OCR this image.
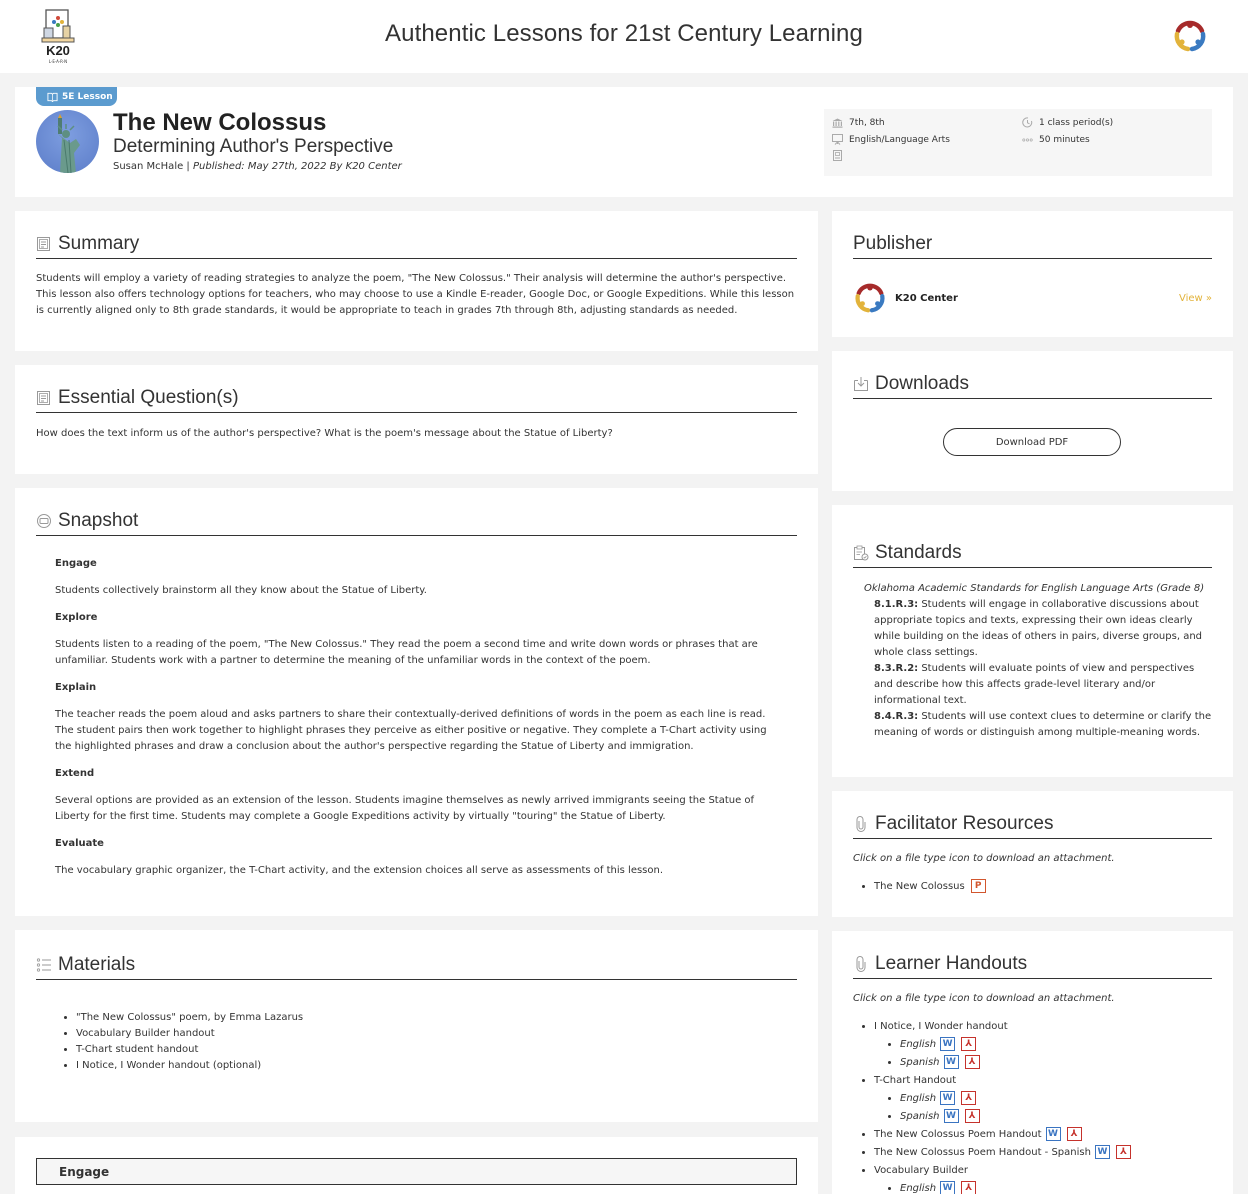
K20
L·E·A·R·N
Authentic Lessons for 21st Century Learning
5E Lesson
The New Colossus
Determining Author's Perspective
Susan McHale | Published: May 27th, 2022 By K20 Center
7th, 8th
English/Language Arts
1 class period(s)
50 minutes
Summary
Students will employ a variety of reading strategies to analyze the poem, "The New Colossus." Their analysis will determine the author's perspective. This lesson also offers technology options for teachers, who may choose to use a Kindle E-reader, Google Doc, or Google Expeditions. While this lesson is currently aligned only to 8th grade standards, it would be appropriate to teach in grades 7th through 8th, adjusting standards as needed.
Essential Question(s)
How does the text inform us of the author's perspective? What is the poem's message about the Statue of Liberty?
Snapshot
Engage

Students collectively brainstorm all they know about the Statue of Liberty.

Explore

Students listen to a reading of the poem, "The New Colossus." They read the poem a second time and write down words or phrases that are unfamiliar. Students work with a partner to determine the meaning of the unfamiliar words in the context of the poem.

Explain

The teacher reads the poem aloud and asks partners to share their contextually-derived definitions of words in the poem as each line is read. The student pairs then work together to highlight phrases they perceive as either positive or negative. They complete a T-Chart activity using the highlighted phrases and draw a conclusion about the author's perspective regarding the Statue of Liberty and immigration.

Extend

Several options are provided as an extension of the lesson. Students imagine themselves as newly arrived immigrants seeing the Statue of Liberty for the first time. Students may complete a Google Expeditions activity by virtually "touring" the Statue of Liberty.

Evaluate

The vocabulary graphic organizer, the T-Chart activity, and the extension choices all serve as assessments of this lesson.

Materials
• "The New Colossus" poem, by Emma Lazarus
• Vocabulary Builder handout
• T-Chart student handout
• I Notice, I Wonder handout (optional)
Engage
Publisher
K20 Center	View »
Downloads
Download PDF
Standards
Oklahoma Academic Standards for English Language Arts (Grade 8)
8.1.R.3: Students will engage in collaborative discussions about appropriate topics and texts, expressing their own ideas clearly while building on the ideas of others in pairs, diverse groups, and whole class settings.
8.3.R.2: Students will evaluate points of view and perspectives and describe how this affects grade-level literary and/or informational text.
8.4.R.3: Students will use context clues to determine or clarify the meaning of words or distinguish among multiple-meaning words.
Facilitator Resources
Click on a file type icon to download an attachment.
• The New Colossus P
Learner Handouts
Click on a file type icon to download an attachment.
• I Notice, I Wonder handout
• English W ⅄
• Spanish W ⅄
• T-Chart Handout
• English W ⅄
• Spanish W ⅄
• The New Colossus Poem Handout W ⅄
• The New Colossus Poem Handout - Spanish W ⅄
• Vocabulary Builder
• English W ⅄
